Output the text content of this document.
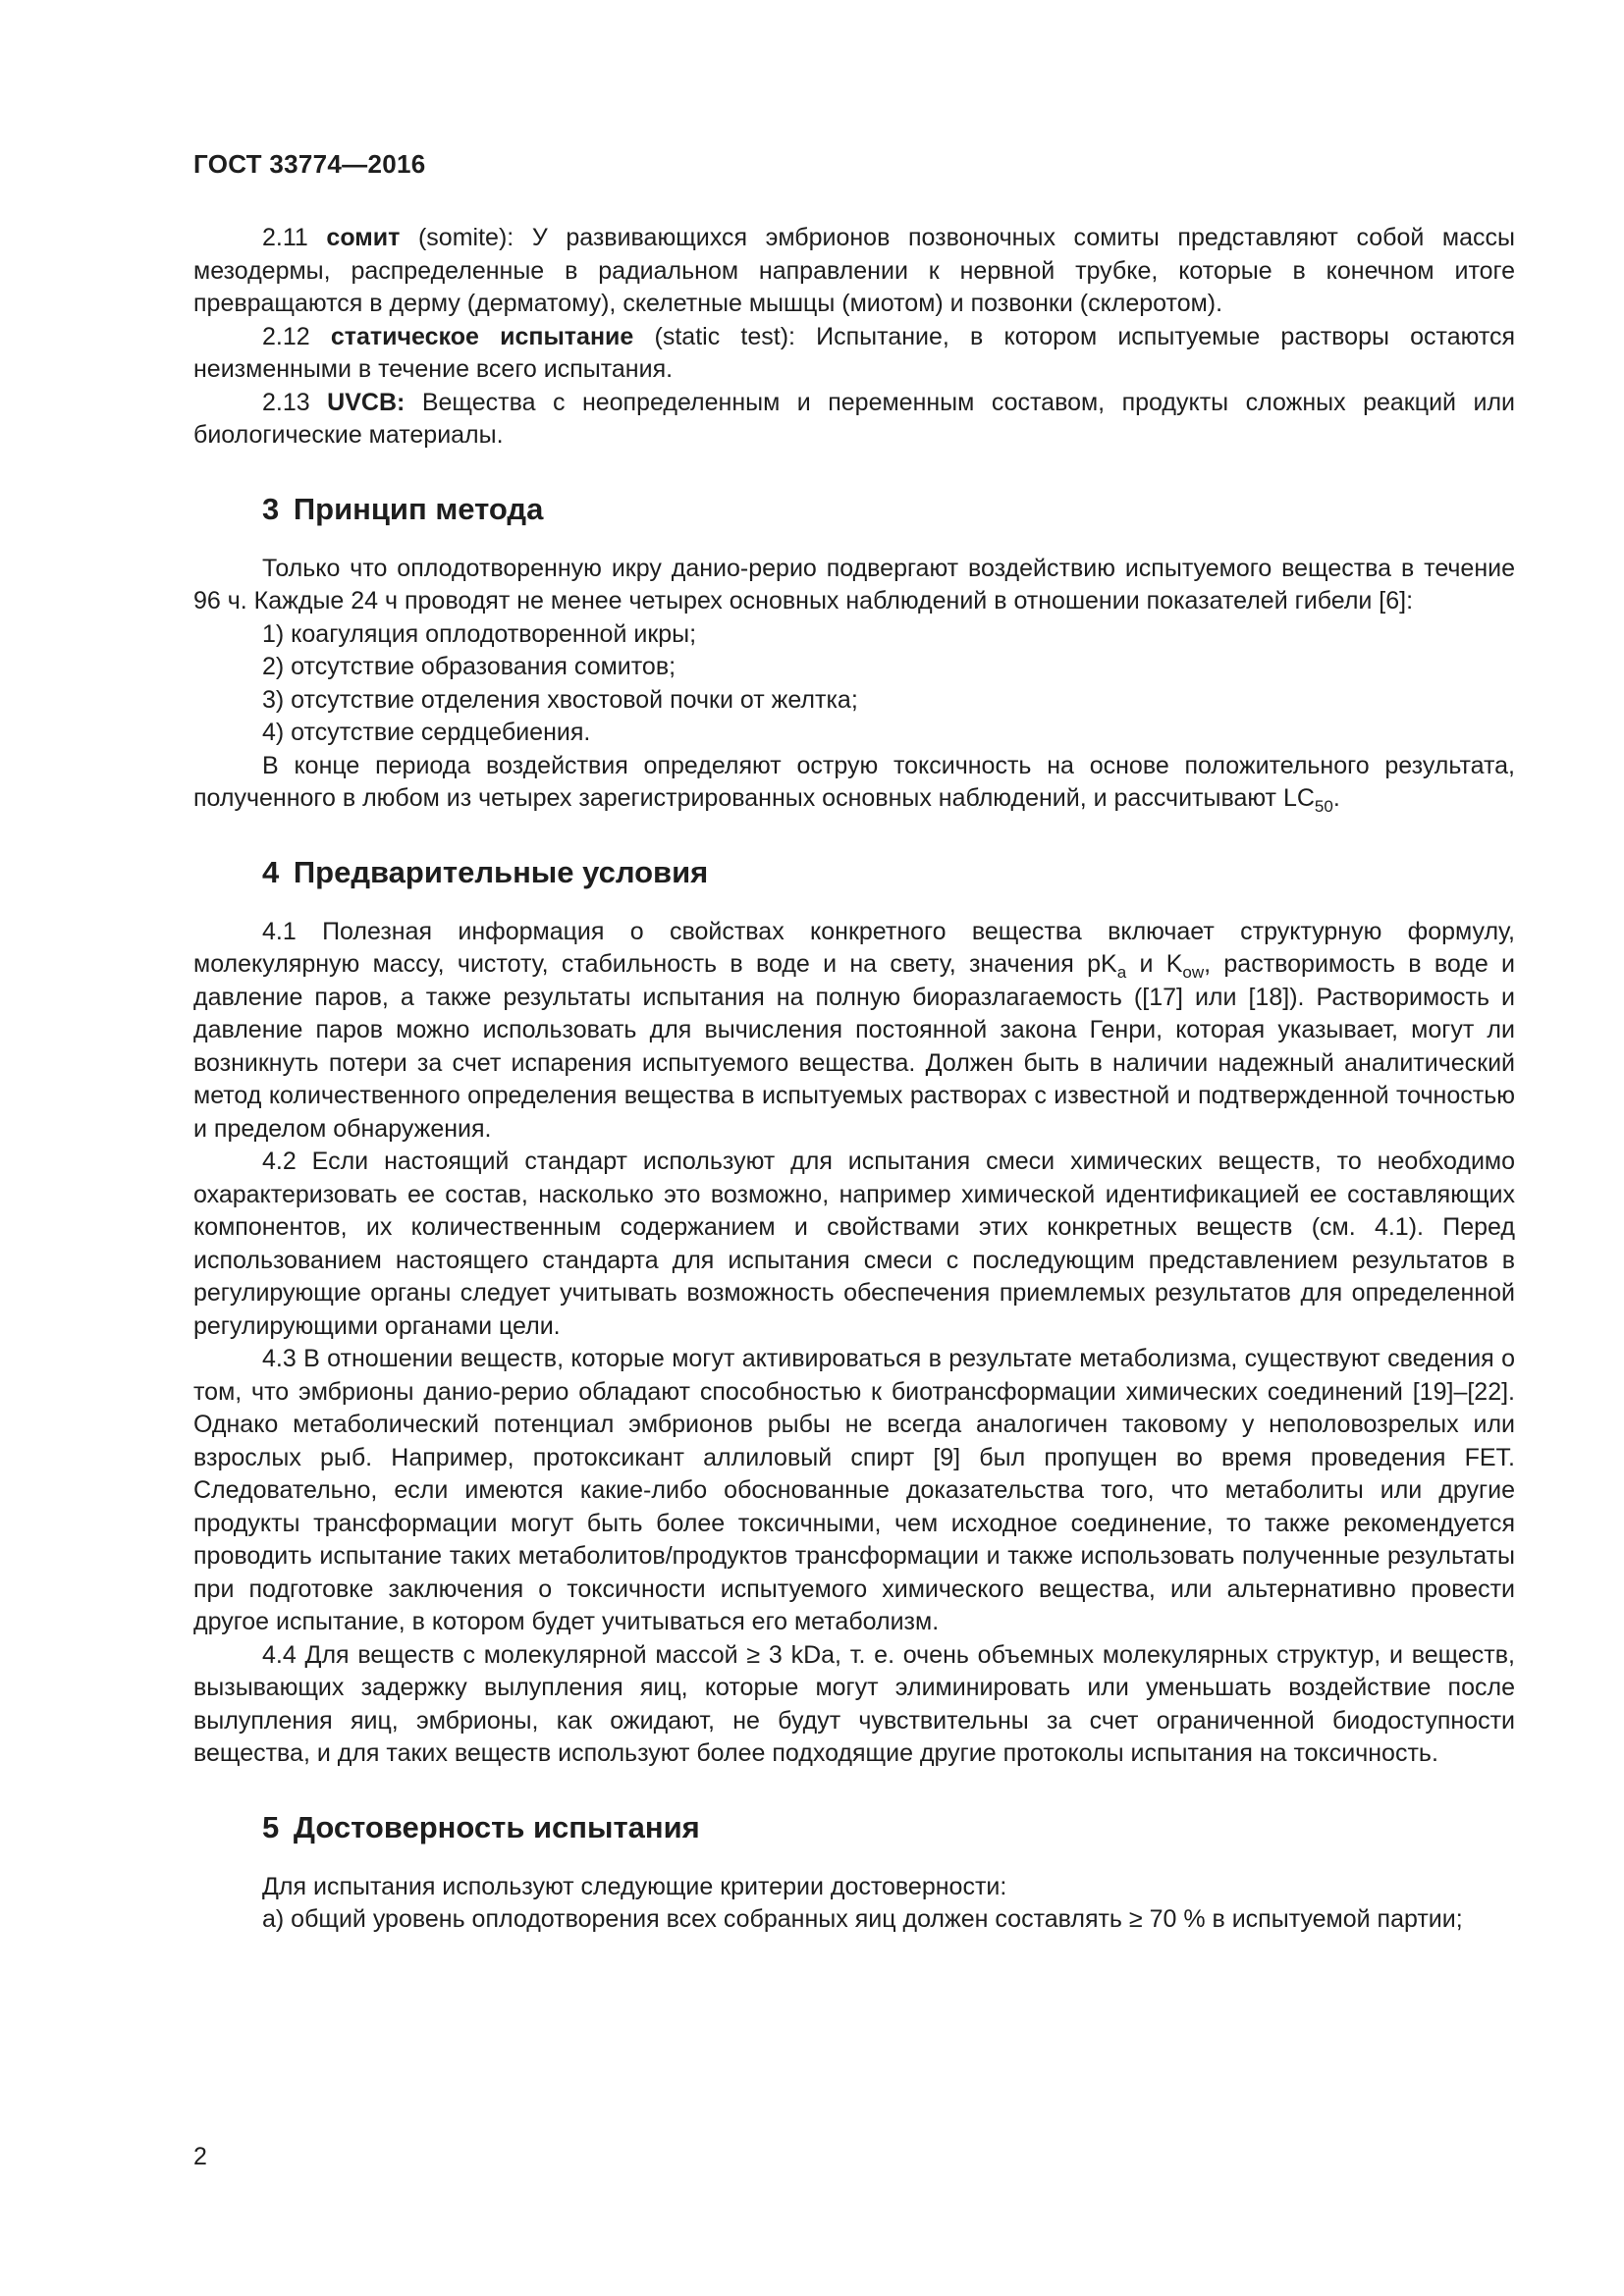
ГОСТ 33774—2016

2.11 сомит (somite): У развивающихся эмбрионов позвоночных сомиты представляют собой массы мезодермы, распределенные в радиальном направлении к нервной трубке, которые в конечном итоге превращаются в дерму (дерматому), скелетные мышцы (миотом) и позвонки (склеротом).

2.12 статическое испытание (static test): Испытание, в котором испытуемые растворы остаются неизменными в течение всего испытания.

2.13 UVCB: Вещества с неопределенным и переменным составом, продукты сложных реакций или биологические материалы.

3 Принцип метода

Только что оплодотворенную икру данио-рерио подвергают воздействию испытуемого вещества в течение 96 ч. Каждые 24 ч проводят не менее четырех основных наблюдений в отношении показателей гибели [6]:

1) коагуляция оплодотворенной икры;

2) отсутствие образования сомитов;

3) отсутствие отделения хвостовой почки от желтка;

4) отсутствие сердцебиения.

В конце периода воздействия определяют острую токсичность на основе положительного результата, полученного в любом из четырех зарегистрированных основных наблюдений, и рассчитывают $LC_{50}$.

4 Предварительные условия

4.1 Полезная информация о свойствах конкретного вещества включает структурную формулу, молекулярную массу, чистоту, стабильность в воде и на свету, значения $pK_a$ и $K_{ow}$, растворимость в воде и давление паров, а также результаты испытания на полную биоразлагаемость ([17] или [18]). Растворимость и давление паров можно использовать для вычисления постоянной закона Генри, которая указывает, могут ли возникнуть потери за счет испарения испытуемого вещества. Должен быть в наличии надежный аналитический метод количественного определения вещества в испытуемых растворах с известной и подтвержденной точностью и пределом обнаружения.

4.2 Если настоящий стандарт используют для испытания смеси химических веществ, то необходимо охарактеризовать ее состав, насколько это возможно, например химической идентификацией ее составляющих компонентов, их количественным содержанием и свойствами этих конкретных веществ (см. 4.1). Перед использованием настоящего стандарта для испытания смеси с последующим представлением результатов в регулирующие органы следует учитывать возможность обеспечения приемлемых результатов для определенной регулирующими органами цели.

4.3 В отношении веществ, которые могут активироваться в результате метаболизма, существуют сведения о том, что эмбрионы данио-рерио обладают способностью к биотрансформации химических соединений [19]–[22]. Однако метаболический потенциал эмбрионов рыбы не всегда аналогичен таковому у неполовозрелых или взрослых рыб. Например, протоксикант аллиловый спирт [9] был пропущен во время проведения FET. Следовательно, если имеются какие-либо обоснованные доказательства того, что метаболиты или другие продукты трансформации могут быть более токсичными, чем исходное соединение, то также рекомендуется проводить испытание таких метаболитов/продуктов трансформации и также использовать полученные результаты при подготовке заключения о токсичности испытуемого химического вещества, или альтернативно провести другое испытание, в котором будет учитываться его метаболизм.

4.4 Для веществ с молекулярной массой ≥ 3 kDa, т. е. очень объемных молекулярных структур, и веществ, вызывающих задержку вылупления яиц, которые могут элиминировать или уменьшать воздействие после вылупления яиц, эмбрионы, как ожидают, не будут чувствительны за счет ограниченной биодоступности вещества, и для таких веществ используют более подходящие другие протоколы испытания на токсичность.

5 Достоверность испытания

Для испытания используют следующие критерии достоверности:

а) общий уровень оплодотворения всех собранных яиц должен составлять ≥ 70 % в испытуемой партии;

2
